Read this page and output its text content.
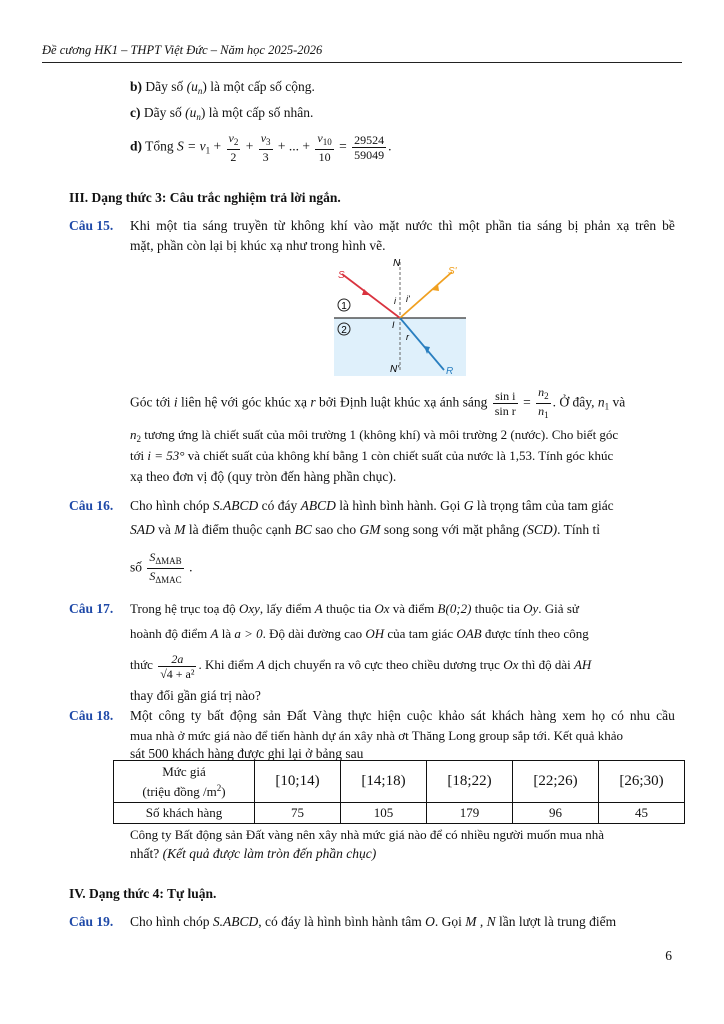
Đề cương HK1 – THPT Việt Đức – Năm học 2025-2026
b) Dãy số $(u_n)$ là một cấp số cộng.
c) Dãy số $(u_n)$ là một cấp số nhân.
d) Tổng $S = v_1 + \frac{v_2}{2} + \frac{v_3}{3}$ + ... + $\frac{v_{10}}{10} = \frac{29524}{59049}$ .
III. Dạng thức 3: Câu trắc nghiệm trả lời ngắn.
Câu 15. Khi một tia sáng truyền từ không khí vào mặt nước thì một phần tia sáng bị phản xạ trên bề
mặt, phần còn lại bị khúc xạ như trong hình vẽ.
1
2
S	S'
N
N'	R
I
i i'
r
Góc tới i liên hệ với góc khúc xạ r bởi Định luật khúc xạ ánh sáng $\frac{\text{sin i}}{\text{sin r}} = \frac{n_2}{n_1}$ . Ở đây, $n_1$ và
$n_2$ tương ứng là chiết suất của môi trường 1 (không khí) và môi trường 2 (nước). Cho biết góc
tới i = 53° và chiết suất của không khí bằng 1 còn chiết suất của nước là 1,53. Tính góc khúc
xạ theo đơn vị độ (quy tròn đến hàng phần chục).
Câu 16. Cho hình chóp S.ABCD có đáy ABCD là hình bình hành. Gọi G là trọng tâm của tam giác
SAD và M là điểm thuộc cạnh BC sao cho GM song song với mặt phẳng (SCD). Tính tỉ
số $\frac{S_{\Delta MAB}}{S_{\Delta MAC}}$ .
Câu 17. Trong hệ trục toạ độ Oxy, lấy điểm A thuộc tia Ox và điểm B(0;2) thuộc tia Oy. Giả sử
hoành độ điểm A là a > 0. Độ dài đường cao OH của tam giác OAB được tính theo công
thức $\frac{2a}{\text{√4 + a²}}$ . Khi điểm A dịch chuyển ra vô cực theo chiều dương trục Ox thì độ dài AH
thay đổi gần giá trị nào?
Câu 18. Một công ty bất động sản Đất Vàng thực hiện cuộc khảo sát khách hàng xem họ có nhu cầu
mua nhà ở mức giá nào để tiến hành dự án xây nhà ơt Thăng Long group sắp tới. Kết quả khảo
sát 500 khách hàng được ghi lại ở bảng sau
Mức giá
(triệu đồng $/m^2$)	[10;14)	[14;18)	[18;22)	[22;26)	[26;30)
Số khách hàng	75	105	179	96	45
Công ty Bất động sản Đất vàng nên xây nhà mức giá nào để có nhiều người muốn mua nhà
nhất? (Kết quả được làm tròn đến phần chục)
IV. Dạng thức 4: Tự luận.
Câu 19. Cho hình chóp S.ABCD, có đáy là hình bình hành tâm O. Gọi M , N lần lượt là trung điểm
6
